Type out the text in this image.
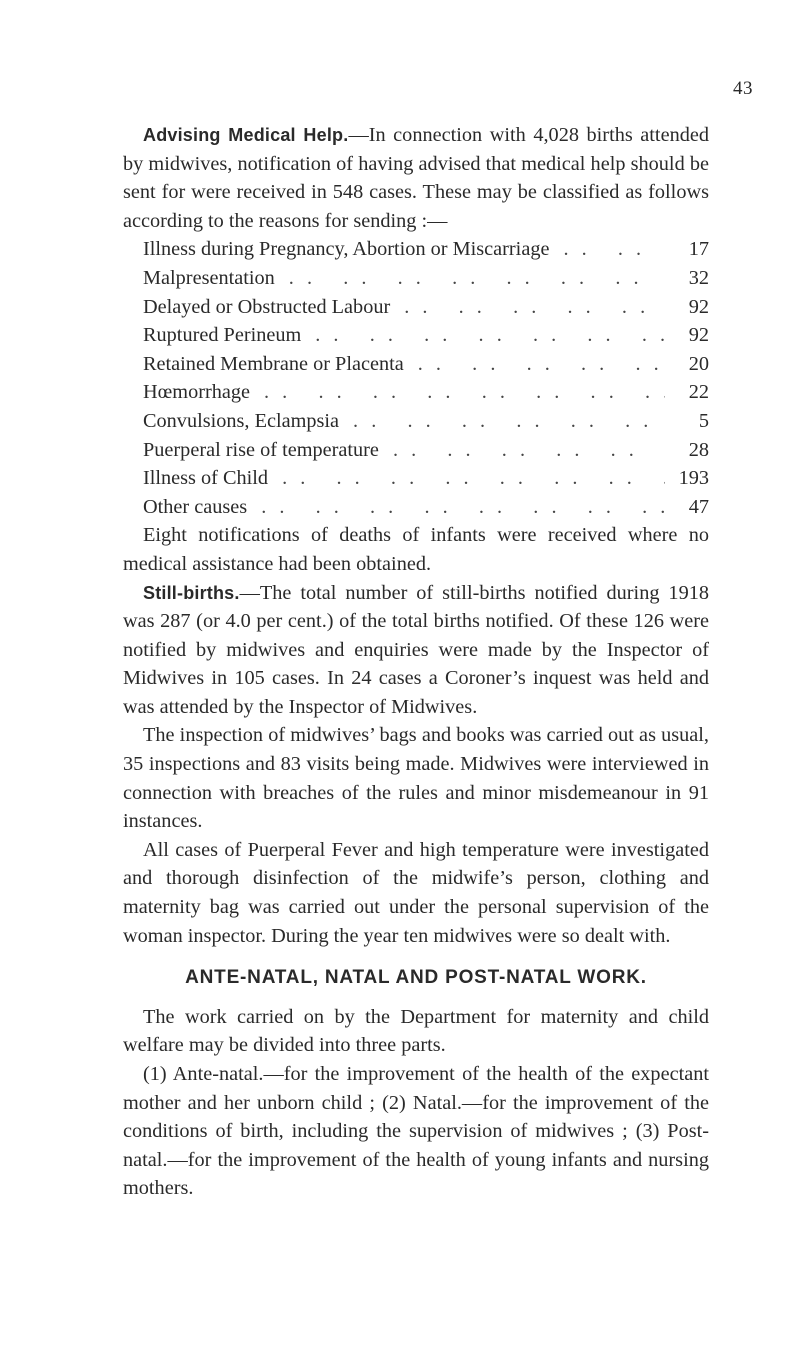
43

Advising Medical Help.—In connection with 4,028 births attended by midwives, notification of having advised that medical help should be sent for were received in 548 cases. These may be classified as follows according to the reasons for sending :—

Illness during Pregnancy, Abortion or Miscarriage . .	17
Malpresentation . .	32
Delayed or Obstructed Labour . .	92
Ruptured Perineum . .	92
Retained Membrane or Placenta . .	20
Hœmorrhage . .	22
Convulsions, Eclampsia . .	5
Puerperal rise of temperature . .	28
Illness of Child . .	193
Other causes . .	47

Eight notifications of deaths of infants were received where no medical assistance had been obtained.

Still-births.—The total number of still-births notified during 1918 was 287 (or 4.0 per cent.) of the total births notified. Of these 126 were notified by midwives and enquiries were made by the Inspector of Midwives in 105 cases. In 24 cases a Coroner’s inquest was held and was attended by the Inspector of Midwives.

The inspection of midwives’ bags and books was carried out as usual, 35 inspections and 83 visits being made. Midwives were interviewed in connection with breaches of the rules and minor misdemeanour in 91 instances.

All cases of Puerperal Fever and high temperature were investigated and thorough disinfection of the midwife’s person, clothing and maternity bag was carried out under the personal supervision of the woman inspector. During the year ten midwives were so dealt with.

ANTE-NATAL, NATAL AND POST-NATAL WORK.

The work carried on by the Department for maternity and child welfare may be divided into three parts.

(1) Ante-natal.—for the improvement of the health of the expectant mother and her unborn child ; (2) Natal.—for the improvement of the conditions of birth, including the supervision of midwives ; (3) Post-natal.—for the improvement of the health of young infants and nursing mothers.
